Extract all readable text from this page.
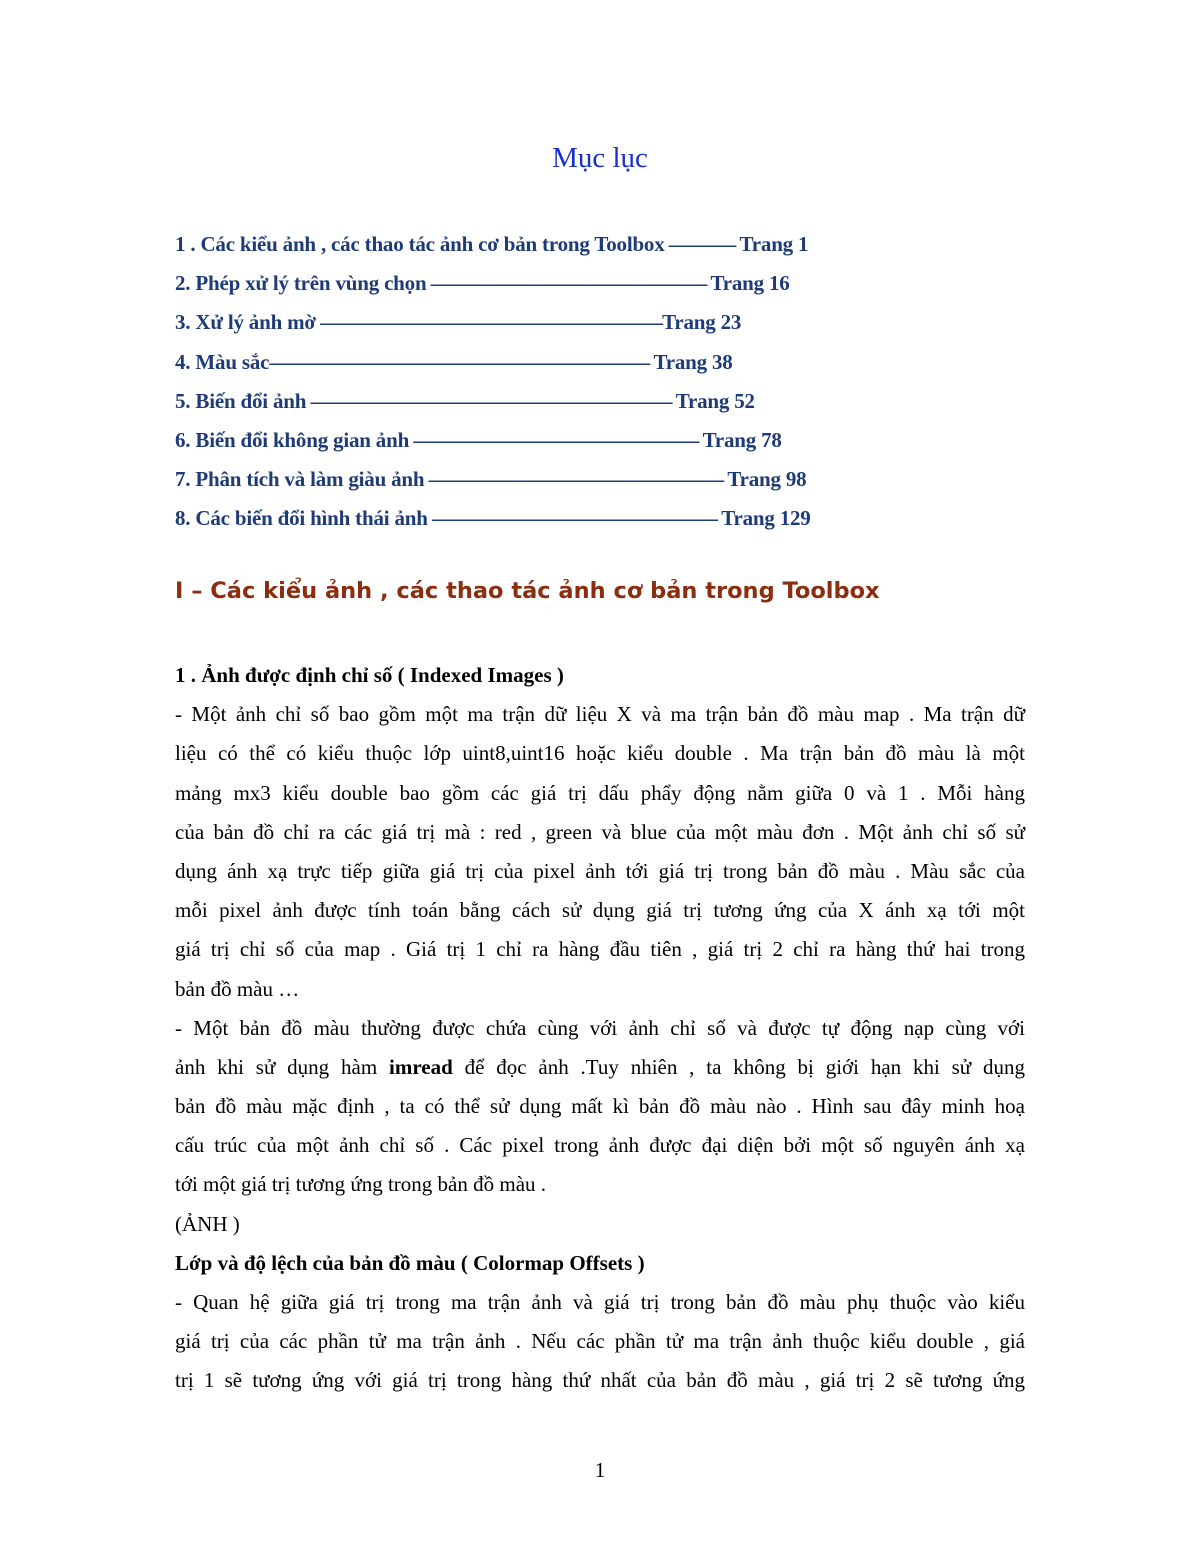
Mục lục
1 . Các kiểu ảnh , các thao tác ảnh cơ bản trong Toolbox ––––––– Trang 1
2. Phép xử lý trên vùng chọn ––––––––––––––––––––––––––––– Trang 16
3. Xử lý ảnh mờ ––––––––––––––––––––––––––––––––––––Trang 23
4. Màu sắc–––––––––––––––––––––––––––––––––––––––– Trang 38
5. Biến đổi ảnh –––––––––––––––––––––––––––––––––––––– Trang 52
6. Biến đổi không gian ảnh –––––––––––––––––––––––––––––– Trang 78
7. Phân tích và làm giàu ảnh ––––––––––––––––––––––––––––––– Trang 98
8. Các biến đổi hình thái ảnh –––––––––––––––––––––––––––––– Trang 129
I – Các kiểu ảnh , các thao tác ảnh cơ bản trong Toolbox
1 . Ảnh được định chỉ số ( Indexed Images )
- Một ảnh chỉ số bao gồm một ma trận dữ liệu X và ma trận bản đồ màu map . Ma trận dữ
liệu có thể có kiểu thuộc lớp uint8,uint16 hoặc kiểu double . Ma trận bản đồ màu là một
mảng mx3 kiểu double bao gồm các giá trị dấu phẩy động nằm giữa 0 và 1 . Mỗi hàng
của bản đồ chỉ ra các giá trị mà : red , green và blue của một màu đơn . Một ảnh chỉ số sử
dụng ánh xạ trực tiếp giữa giá trị của pixel ảnh tới giá trị trong bản đồ màu . Màu sắc của
mỗi pixel ảnh được tính toán bằng cách sử dụng giá trị tương ứng của X ánh xạ tới một
giá trị chỉ số của map . Giá trị 1 chỉ ra hàng đầu tiên , giá trị 2 chỉ ra hàng thứ hai trong
bản đồ màu …
- Một bản đồ màu thường được chứa cùng với ảnh chỉ số và được tự động nạp cùng với
ảnh khi sử dụng hàm imread để đọc ảnh .Tuy nhiên , ta không bị giới hạn khi sử dụng
bản đồ màu mặc định , ta có thể sử dụng mất kì bản đồ màu nào . Hình sau đây minh hoạ
cấu trúc của một ảnh chỉ số . Các pixel trong ảnh được đại diện bởi một số nguyên ánh xạ
tới một giá trị tương ứng trong bản đồ màu .
(ẢNH )
Lớp và độ lệch của bản đồ màu ( Colormap Offsets )
- Quan hệ giữa giá trị trong ma trận ảnh và giá trị trong bản đồ màu phụ thuộc vào kiểu
giá trị của các phần tử ma trận ảnh . Nếu các phần tử ma trận ảnh thuộc kiểu double , giá
trị 1 sẽ tương ứng với giá trị trong hàng thứ nhất của bản đồ màu , giá trị 2 sẽ tương ứng
1
